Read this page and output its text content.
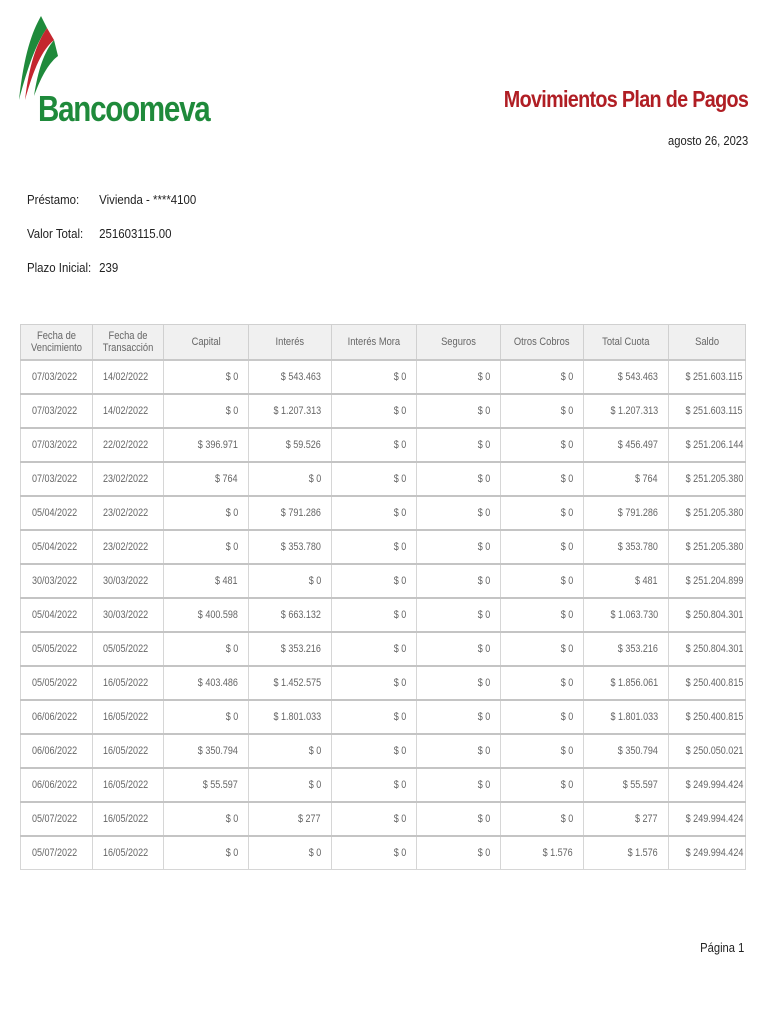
Bancoomeva	Movimientos Plan de Pagos
agosto 26, 2023
Préstamo: Vivienda - ****4100
Valor Total: 251603115.00
Plazo Inicial: 239
Fecha de Vencimiento	Fecha de Transacción	Capital	Interés	Interés Mora	Seguros	Otros Cobros	Total Cuota	Saldo
07/03/2022	14/02/2022	$ 0	$ 543.463	$ 0	$ 0	$ 0	$ 543.463	$ 251.603.115
07/03/2022	14/02/2022	$ 0	$ 1.207.313	$ 0	$ 0	$ 0	$ 1.207.313	$ 251.603.115
07/03/2022	22/02/2022	$ 396.971	$ 59.526	$ 0	$ 0	$ 0	$ 456.497	$ 251.206.144
07/03/2022	23/02/2022	$ 764	$ 0	$ 0	$ 0	$ 0	$ 764	$ 251.205.380
05/04/2022	23/02/2022	$ 0	$ 791.286	$ 0	$ 0	$ 0	$ 791.286	$ 251.205.380
05/04/2022	23/02/2022	$ 0	$ 353.780	$ 0	$ 0	$ 0	$ 353.780	$ 251.205.380
30/03/2022	30/03/2022	$ 481	$ 0	$ 0	$ 0	$ 0	$ 481	$ 251.204.899
05/04/2022	30/03/2022	$ 400.598	$ 663.132	$ 0	$ 0	$ 0	$ 1.063.730	$ 250.804.301
05/05/2022	05/05/2022	$ 0	$ 353.216	$ 0	$ 0	$ 0	$ 353.216	$ 250.804.301
05/05/2022	16/05/2022	$ 403.486	$ 1.452.575	$ 0	$ 0	$ 0	$ 1.856.061	$ 250.400.815
06/06/2022	16/05/2022	$ 0	$ 1.801.033	$ 0	$ 0	$ 0	$ 1.801.033	$ 250.400.815
06/06/2022	16/05/2022	$ 350.794	$ 0	$ 0	$ 0	$ 0	$ 350.794	$ 250.050.021
06/06/2022	16/05/2022	$ 55.597	$ 0	$ 0	$ 0	$ 0	$ 55.597	$ 249.994.424
05/07/2022	16/05/2022	$ 0	$ 277	$ 0	$ 0	$ 0	$ 277	$ 249.994.424
05/07/2022	16/05/2022	$ 0	$ 0	$ 0	$ 0	$ 1.576	$ 1.576	$ 249.994.424
Página 1
